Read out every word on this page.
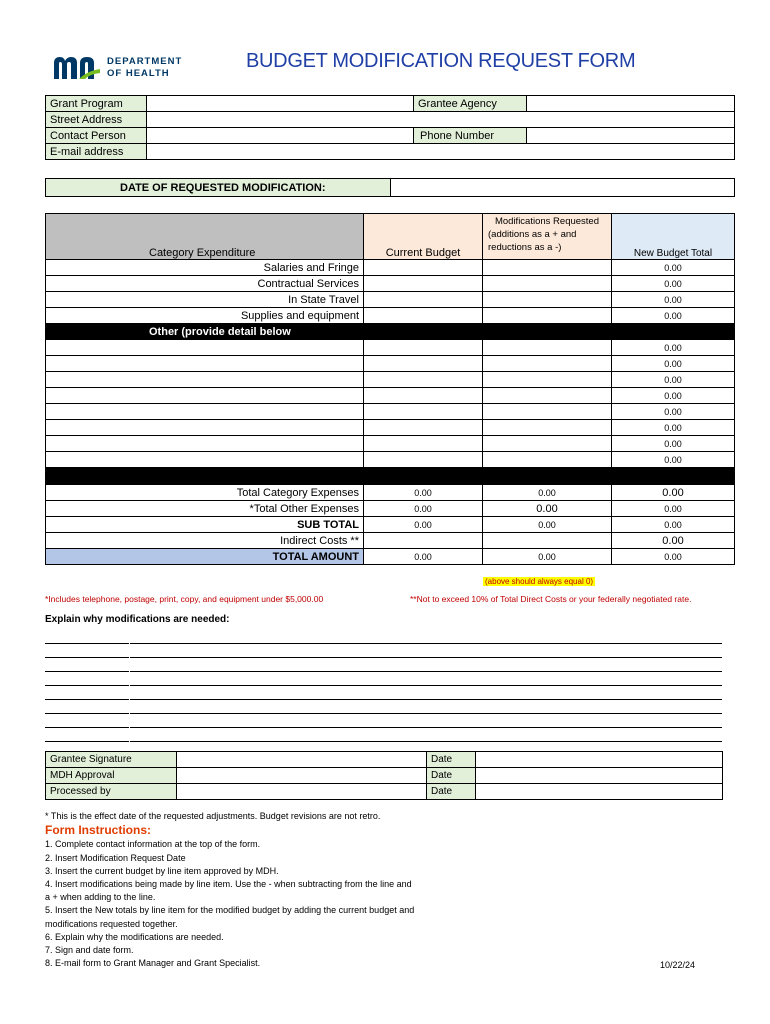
DEPARTMENT
OF HEALTH
BUDGET MODIFICATION REQUEST FORM
Grant Program		Grantee Agency	
Street Address			
Contact Person		Phone Number	
E-mail address			
DATE OF REQUESTED MODIFICATION:	
Category Expenditure	Current Budget	Modifications Requested
(additions as a + and
reductions as a -)	New Budget Total
Salaries and Fringe			0.00
Contractual Services			0.00
In State Travel			0.00
Supplies and equipment			0.00
Other (provide detail below			
			0.00
			0.00
			0.00
			0.00
			0.00
			0.00
			0.00
			0.00

Total Category Expenses	0.00	0.00	0.00
*Total Other Expenses	0.00	0.00	0.00
SUB TOTAL	0.00	0.00	0.00
Indirect Costs **			0.00
TOTAL AMOUNT	0.00	0.00	0.00
(above should always equal 0)
*Includes telephone, postage, print, copy, and equipment under $5,000.00	**Not to exceed 10% of Total Direct Costs or your federally negotiated rate.
Explain why modifications are needed:
Grantee Signature		Date	
MDH Approval		Date	
Processed by		Date	
* This is the effect date of the requested adjustments. Budget revisions are not retro.
Form Instructions:
1. Complete contact information at the top of the form.
2. Insert Modification Request Date
3. Insert the current budget by line item approved by MDH.
4. Insert modifications being made by line item. Use the - when subtracting from the line and
a + when adding to the line.
5. Insert the New totals by line item for the modified budget by adding the current budget and
modifications requested together.
6. Explain why the modifications are needed.
7. Sign and date form.
8. E-mail form to Grant Manager and Grant Specialist.	10/22/24
